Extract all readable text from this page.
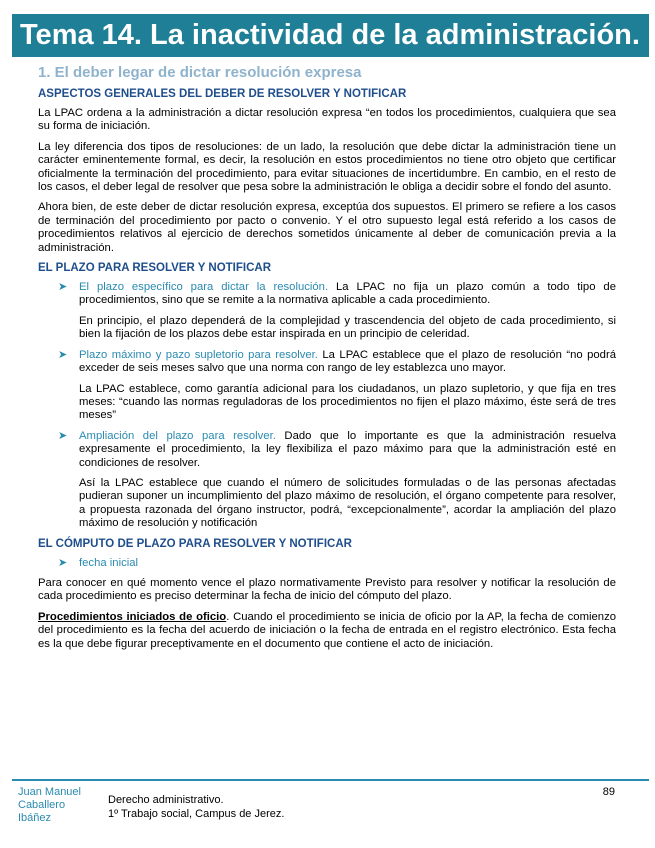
Tema 14. La inactividad de la administración.
1. El deber legar de dictar resolución expresa
ASPECTOS GENERALES DEL DEBER DE RESOLVER Y NOTIFICAR

La LPAC ordena a la administración a dictar resolución expresa “en todos los procedimientos, cualquiera que sea su forma de iniciación.

La ley diferencia dos tipos de resoluciones: de un lado, la resolución que debe dictar la administración tiene un carácter eminentemente formal, es decir, la resolución en estos procedimientos no tiene otro objeto que certificar oficialmente la terminación del procedimiento, para evitar situaciones de incertidumbre. En cambio, en el resto de los casos, el deber legal de resolver que pesa sobre la administración le obliga a decidir sobre el fondo del asunto.

Ahora bien, de este deber de dictar resolución expresa, exceptúa dos supuestos. El primero se refiere a los casos de terminación del procedimiento por pacto o convenio. Y el otro supuesto legal está referido a los casos de procedimientos relativos al ejercicio de derechos sometidos únicamente al deber de comunicación previa a la administración.

EL PLAZO PARA RESOLVER Y NOTIFICAR
➤ El plazo específico para dictar la resolución. La LPAC no fija un plazo común a todo tipo de procedimientos, sino que se remite a la normativa aplicable a cada procedimiento.
En principio, el plazo dependerá de la complejidad y trascendencia del objeto de cada procedimiento, si bien la fijación de los plazos debe estar inspirada en un principio de celeridad.
➤ Plazo máximo y pazo supletorio para resolver. La LPAC establece que el plazo de resolución “no podrá exceder de seis meses salvo que una norma con rango de ley establezca uno mayor.
La LPAC establece, como garantía adicional para los ciudadanos, un plazo supletorio, y que fija en tres meses: “cuando las normas reguladoras de los procedimientos no fijen el plazo máximo, éste será de tres meses”
➤ Ampliación del plazo para resolver. Dado que lo importante es que la administración resuelva expresamente el procedimiento, la ley flexibiliza el pazo máximo para que la administración esté en condiciones de resolver.
Así la LPAC establece que cuando el número de solicitudes formuladas o de las personas afectadas pudieran suponer un incumplimiento del plazo máximo de resolución, el órgano competente para resolver, a propuesta razonada del órgano instructor, podrá, “excepcionalmente”, acordar la ampliación del plazo máximo de resolución y notificación
EL CÓMPUTO DE PLAZO PARA RESOLVER Y NOTIFICAR
➤ fecha inicial

Para conocer en qué momento vence el plazo normativamente Previsto para resolver y notificar la resolución de cada procedimiento es preciso determinar la fecha de inicio del cómputo del plazo.

Procedimientos iniciados de oficio. Cuando el procedimiento se inicia de oficio por la AP, la fecha de comienzo del procedimiento es la fecha del acuerdo de iniciación o la fecha de entrada en el registro electrónico. Esta fecha es la que debe figurar preceptivamente en el documento que contiene el acto de iniciación.

Juan Manuel
Caballero
Ibáñez
Derecho administrativo.
1º Trabajo social, Campus de Jerez.
89
